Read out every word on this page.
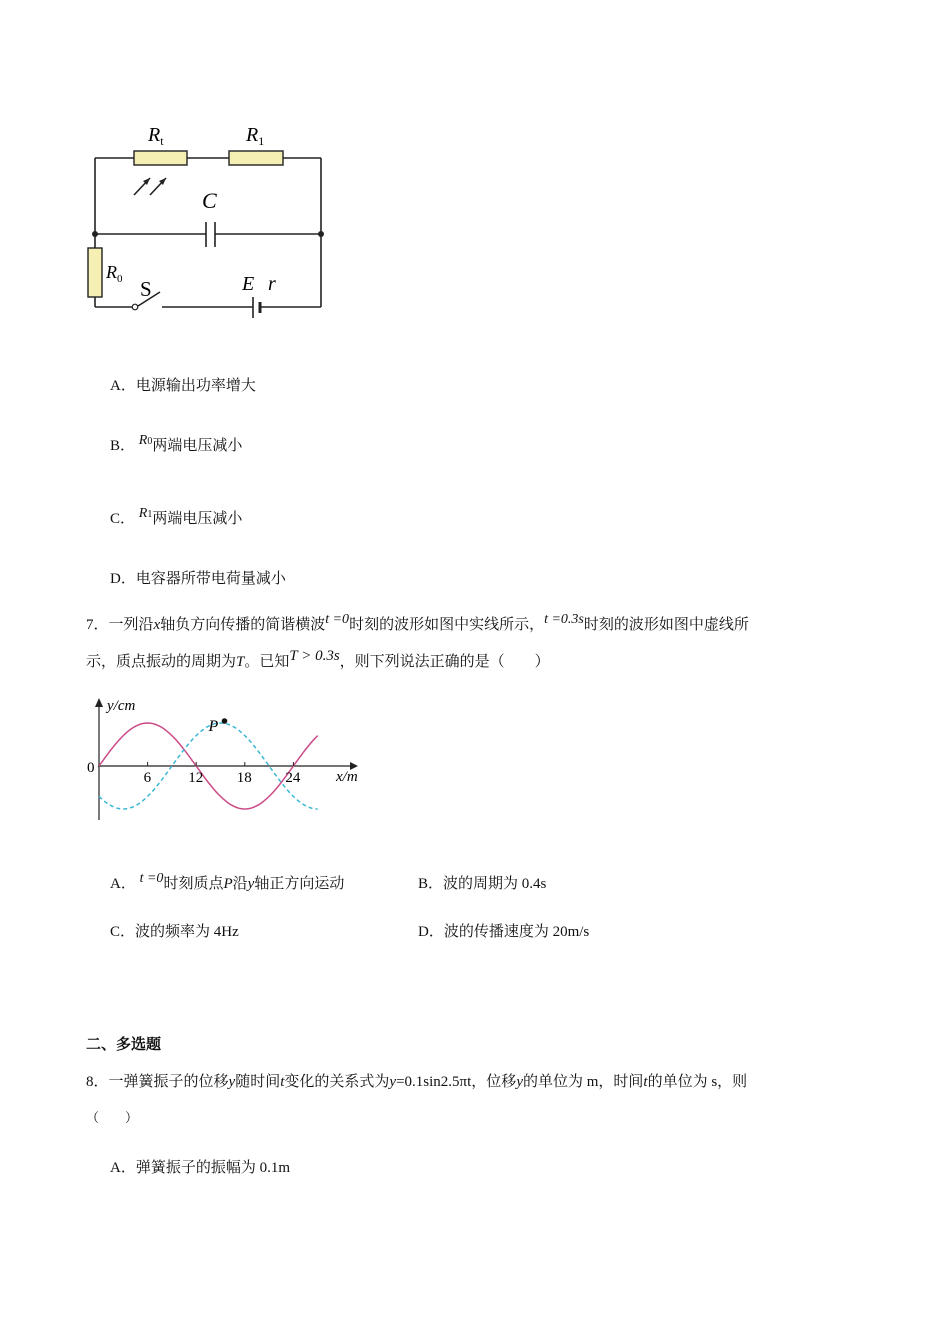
$R_t$	$R_1$
C
$R_0$ S	E r
A．电源输出功率增大
B． R0两端电压减小
C． R1两端电压减小
D．电容器所带电荷量减小
7．一列沿x轴负方向传播的简谐横波t =0时刻的波形如图中实线所示，t =0.3s时刻的波形如图中虚线所
示，质点振动的周期为T。已知T > 0.3s，则下列说法正确的是（　　）
y/cm
x/m
0
6 12 18 24
P
A． t =0时刻质点P沿y轴正方向运动	B．波的周期为 0.4s
C．波的频率为 4Hz	D．波的传播速度为 20m/s
二、多选题
8．一弹簧振子的位移y随时间t变化的关系式为y=0.1sin2.5πt，位移y的单位为 m，时间t的单位为 s，则
（　　）
A．弹簧振子的振幅为 0.1m
